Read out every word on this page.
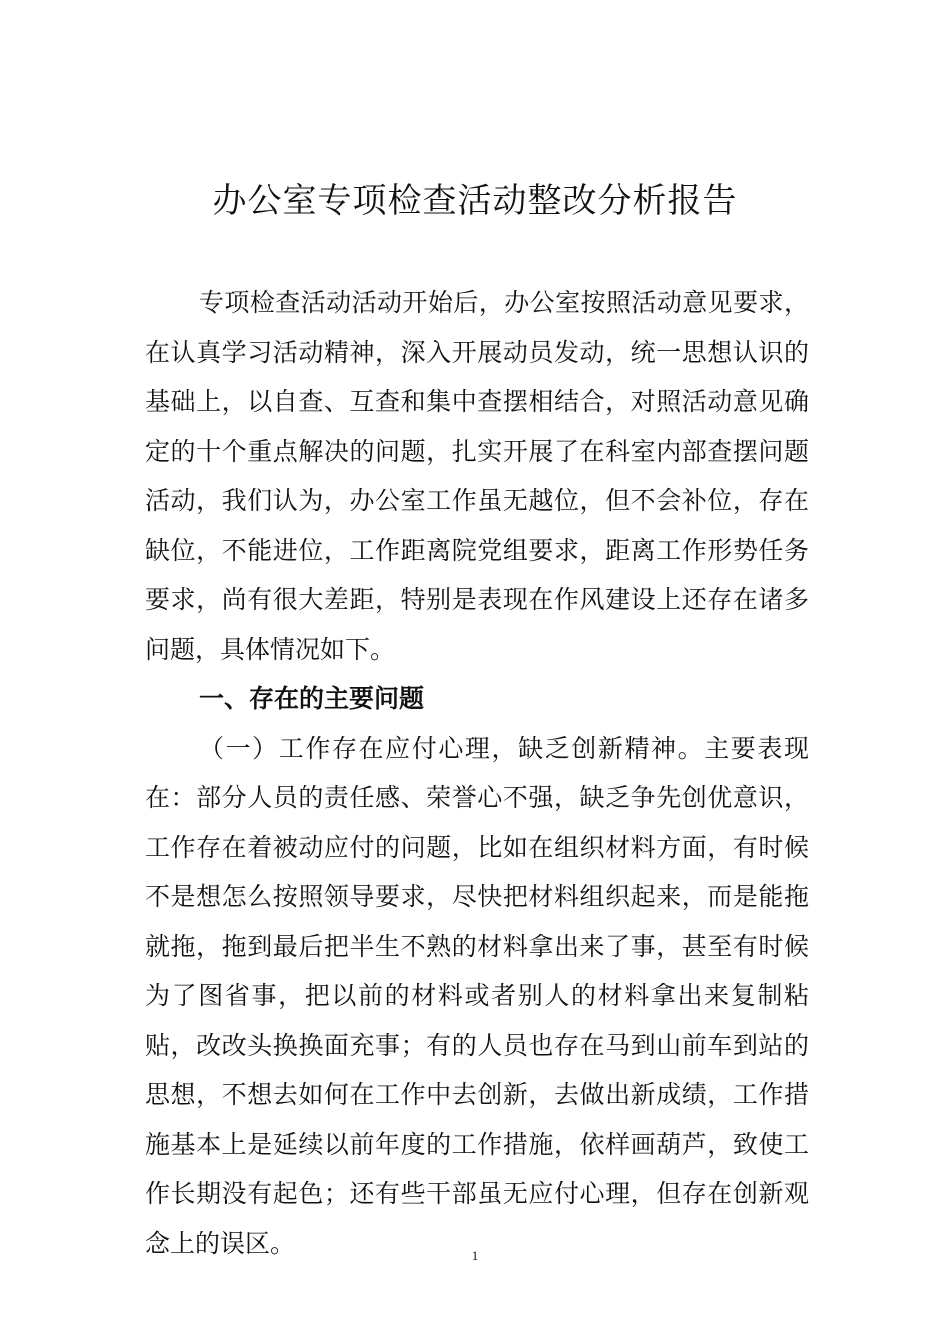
办公室专项检查活动整改分析报告

专项检查活动活动开始后，办公室按照活动意见要求，在认真学习活动精神，深入开展动员发动，统一思想认识的基础上，以自查、互查和集中查摆相结合，对照活动意见确定的十个重点解决的问题，扎实开展了在科室内部查摆问题活动，我们认为，办公室工作虽无越位，但不会补位，存在缺位，不能进位，工作距离院党组要求，距离工作形势任务要求，尚有很大差距，特别是表现在作风建设上还存在诸多问题，具体情况如下。

一、存在的主要问题

（一）工作存在应付心理，缺乏创新精神。主要表现在：部分人员的责任感、荣誉心不强，缺乏争先创优意识，工作存在着被动应付的问题，比如在组织材料方面，有时候不是想怎么按照领导要求，尽快把材料组织起来，而是能拖就拖，拖到最后把半生不熟的材料拿出来了事，甚至有时候为了图省事，把以前的材料或者别人的材料拿出来复制粘贴，改改头换换面充事；有的人员也存在马到山前车到站的思想，不想去如何在工作中去创新，去做出新成绩，工作措施基本上是延续以前年度的工作措施，依样画葫芦，致使工作长期没有起色；还有些干部虽无应付心理，但存在创新观念上的误区。	1
